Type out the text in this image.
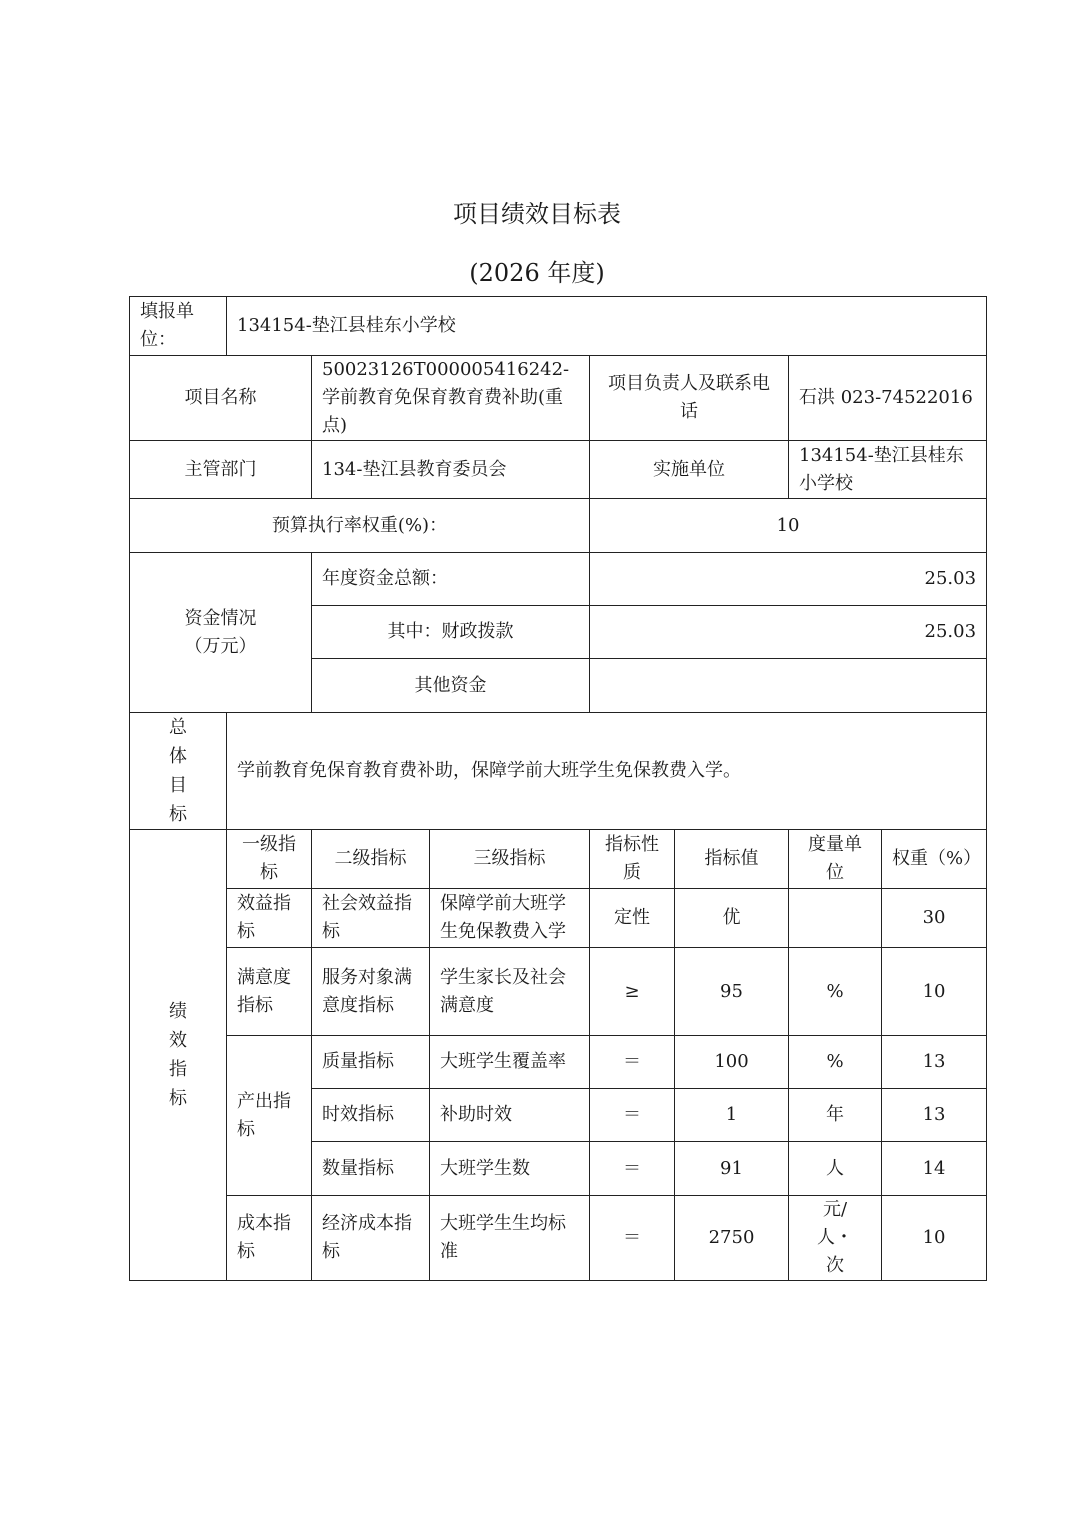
项目绩效目标表
(2026 年度)
填报单位：	134154-垫江县桂东小学校						
项目名称		50023126T000005416242-学前教育免保育教育费补助(重点)		项目负责人及联系电话		石洪 023-74522016	
主管部门		134-垫江县教育委员会		实施单位		134154-垫江县桂东小学校	
预算执行率权重(%)：				10			
资金情况（万元）		年度资金总额：		25.03			
		其中：财政拨款		25.03			
		其他资金					

总
体
目
标	学前教育免保育教育费补助，保障学前大班学生免保教费入学。						

绩
效
指
标	一级指标	二级指标	三级指标	指标性质	指标值	度量单位	权重（%）
	效益指标	社会效益指标	保障学前大班学生免保教费入学	定性	优		30
	满意度指标	服务对象满意度指标	学生家长及社会满意度	≥	95	%	10
	产出指标	质量指标	大班学生覆盖率	＝	100	%	13
		时效指标	补助时效	＝	1	年	13
		数量指标	大班学生数	＝	91	人	14
	成本指标	经济成本指标	大班学生生均标准	＝	2750	元/人・次	10
